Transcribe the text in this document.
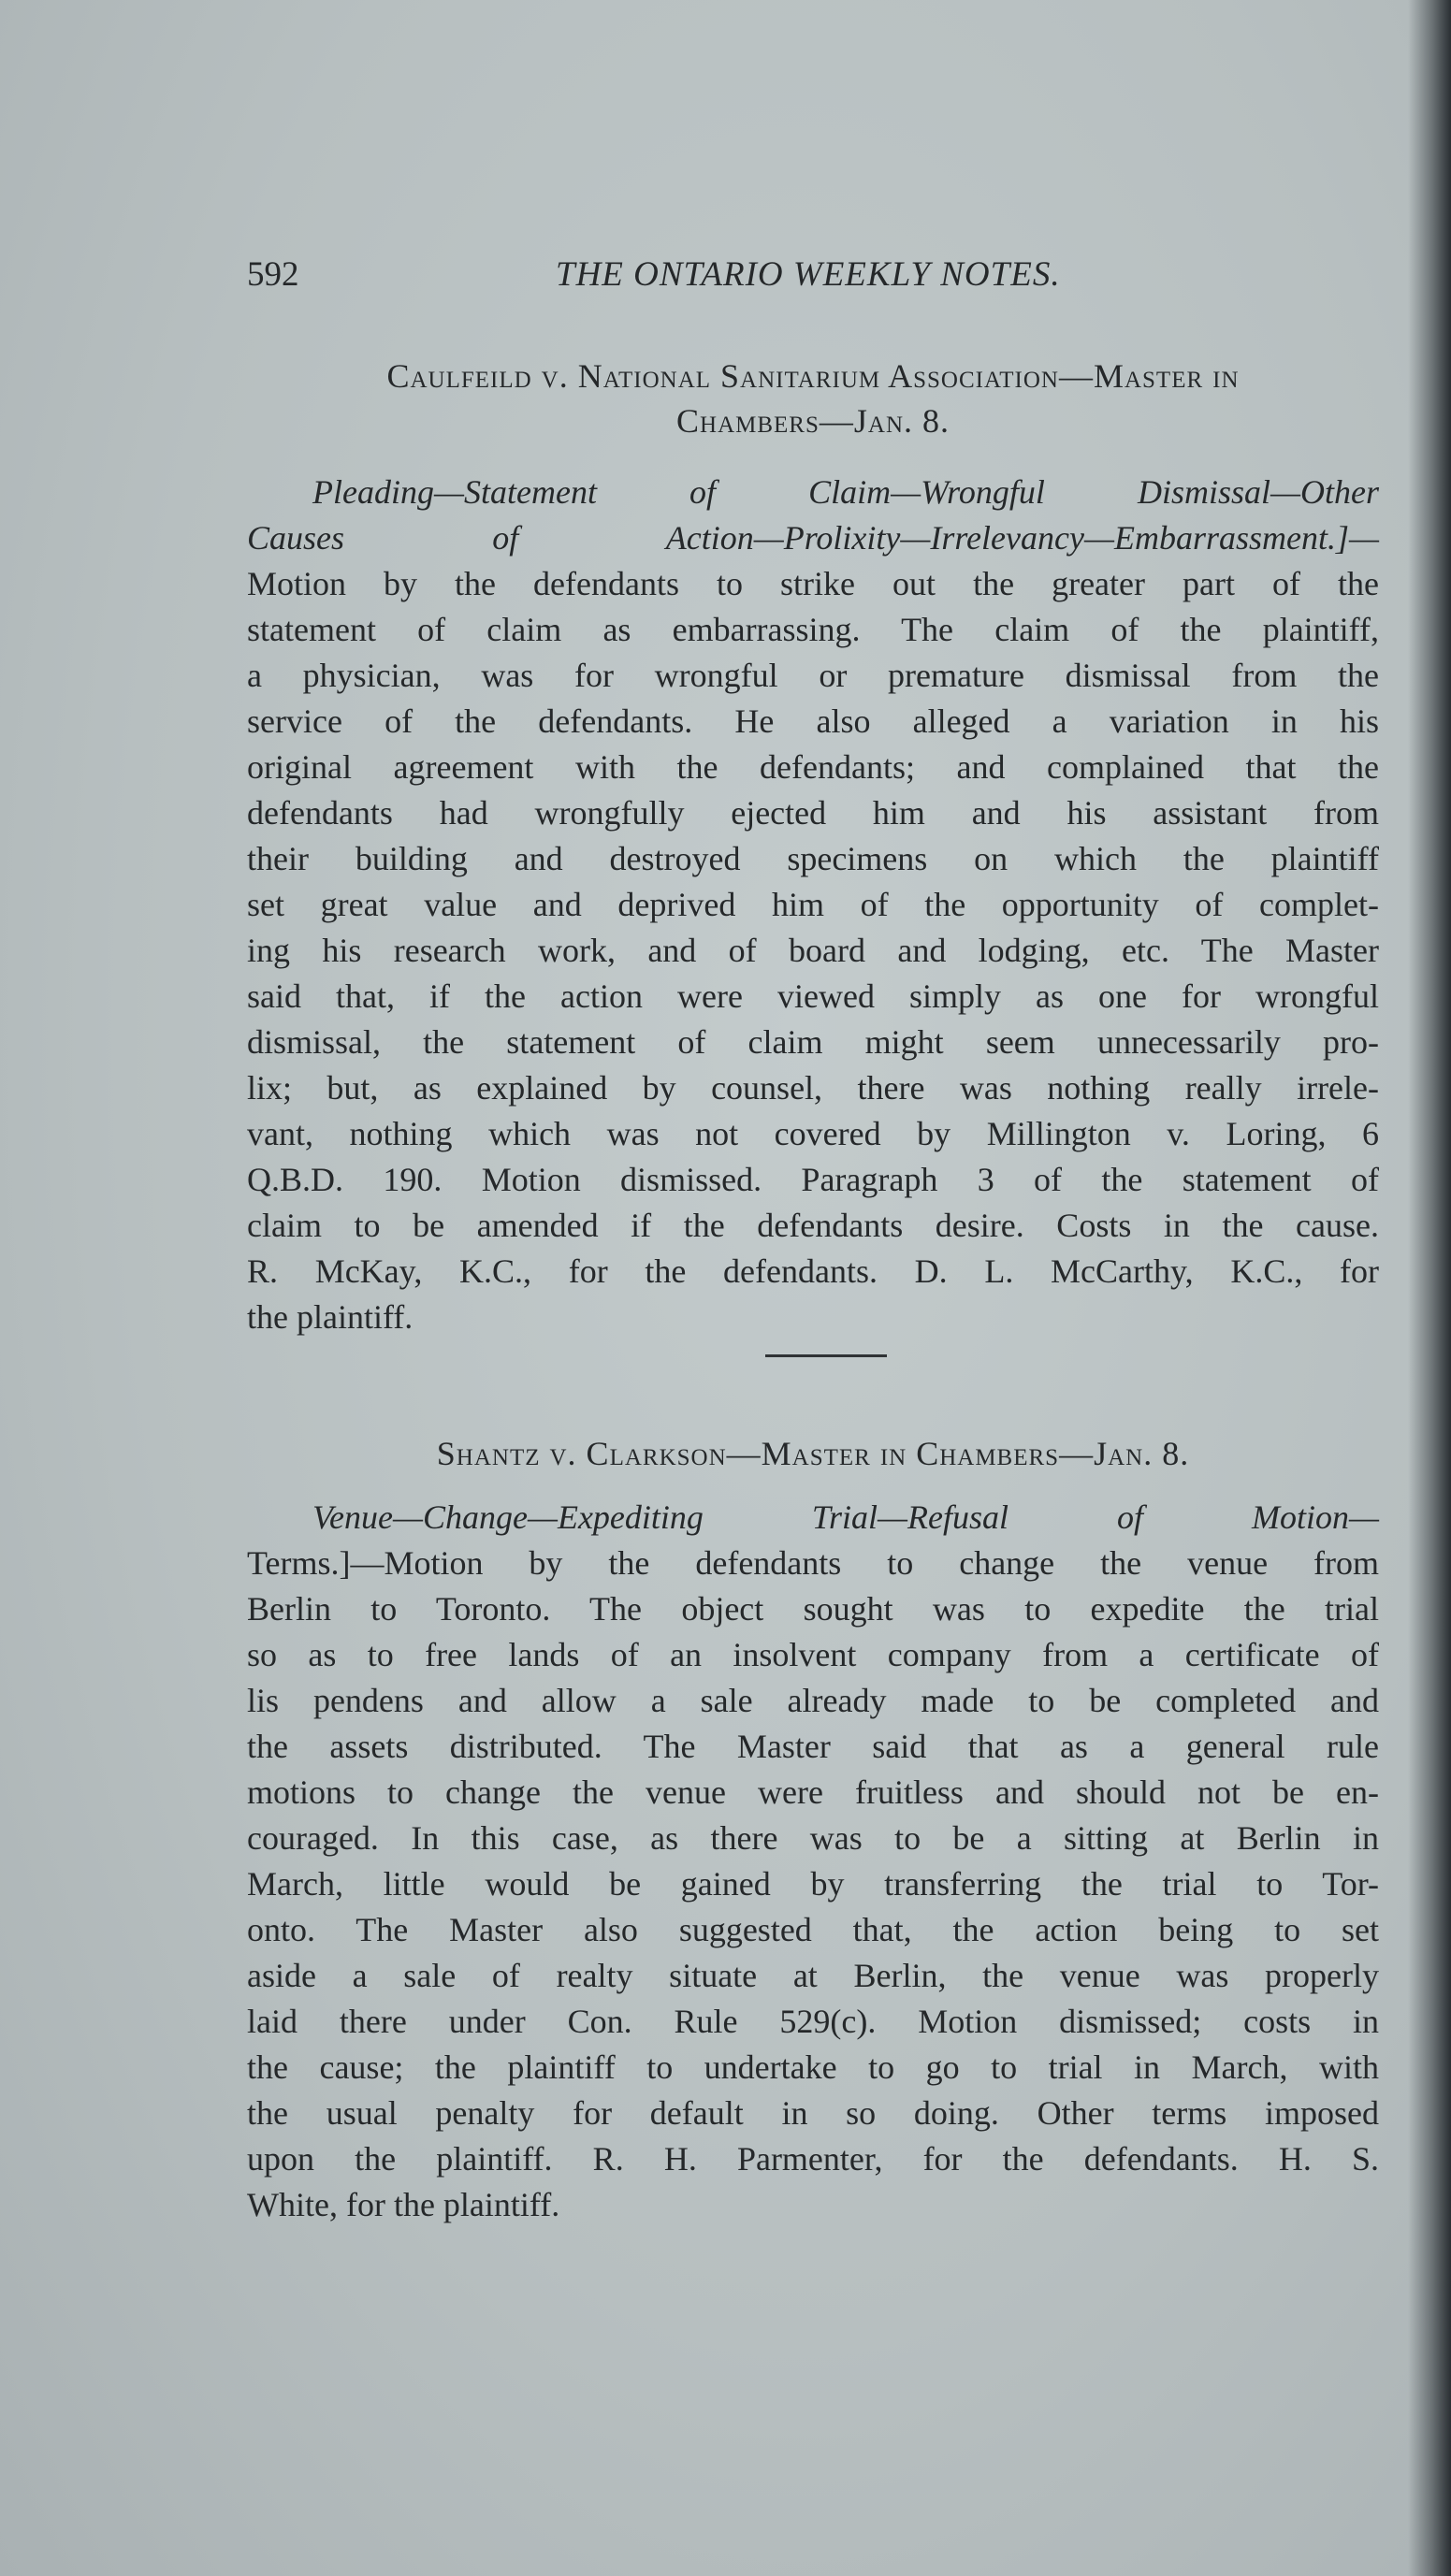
592	THE ONTARIO WEEKLY NOTES.
Caulfeild v. National Sanitarium Association—Master in
Chambers—Jan. 8.
Pleading—Statement of Claim—Wrongful Dismissal—Other
Causes of Action—Prolixity—Irrelevancy—Embarrassment.]—
Motion by the defendants to strike out the greater part of the
statement of claim as embarrassing. The claim of the plaintiff,
a physician, was for wrongful or premature dismissal from the
service of the defendants. He also alleged a variation in his
original agreement with the defendants; and complained that the
defendants had wrongfully ejected him and his assistant from
their building and destroyed specimens on which the plaintiff
set great value and deprived him of the opportunity of complet-
ing his research work, and of board and lodging, etc. The Master
said that, if the action were viewed simply as one for wrongful
dismissal, the statement of claim might seem unnecessarily pro-
lix; but, as explained by counsel, there was nothing really irrele-
vant, nothing which was not covered by Millington v. Loring, 6
Q.B.D. 190. Motion dismissed. Paragraph 3 of the statement of
claim to be amended if the defendants desire. Costs in the cause.
R. McKay, K.C., for the defendants. D. L. McCarthy, K.C., for
the plaintiff.
Shantz v. Clarkson—Master in Chambers—Jan. 8.
Venue—Change—Expediting Trial—Refusal of Motion—
Terms.]—Motion by the defendants to change the venue from
Berlin to Toronto. The object sought was to expedite the trial
so as to free lands of an insolvent company from a certificate of
lis pendens and allow a sale already made to be completed and
the assets distributed. The Master said that as a general rule
motions to change the venue were fruitless and should not be en-
couraged. In this case, as there was to be a sitting at Berlin in
March, little would be gained by transferring the trial to Tor-
onto. The Master also suggested that, the action being to set
aside a sale of realty situate at Berlin, the venue was properly
laid there under Con. Rule 529(c). Motion dismissed; costs in
the cause; the plaintiff to undertake to go to trial in March, with
the usual penalty for default in so doing. Other terms imposed
upon the plaintiff. R. H. Parmenter, for the defendants. H. S.
White, for the plaintiff.
